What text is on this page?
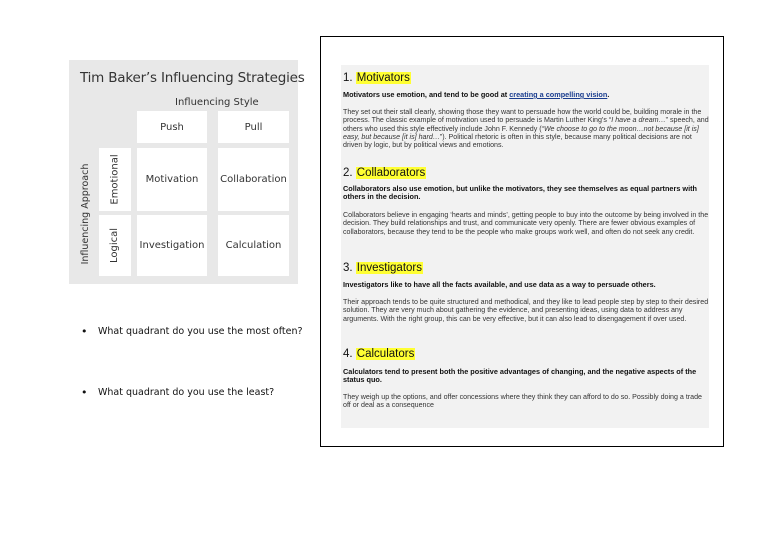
Tim Baker’s Influencing Strategies
Influencing Style
Influencing Approach
Push	Pull
Emotional
Logical
Motivation Collaboration
Investigation Calculation
• What quadrant do you use the most often?
• What quadrant do you use the least?
1. Motivators
Motivators use emotion, and tend to be good at creating a compelling vision.
They set out their stall clearly, showing those they want to persuade how the world could be, building morale in the process. The classic example of motivation used to persuade is Martin Luther King’s “I have a dream…” speech, and others who used this style effectively include John F. Kennedy (“We choose to go to the moon…not because [it is] easy, but because [it is] hard…”). Political rhetoric is often in this style, because many political decisions are not driven by logic, but by political views and emotions.
2. Collaborators
Collaborators also use emotion, but unlike the motivators, they see themselves as equal partners with others in the decision.
Collaborators believe in engaging ‘hearts and minds’, getting people to buy into the outcome by being involved in the decision. They build relationships and trust, and communicate very openly. There are fewer obvious examples of collaborators, because they tend to be the people who make groups work well, and often do not seek any credit.
3. Investigators
Investigators like to have all the facts available, and use data as a way to persuade others.
Their approach tends to be quite structured and methodical, and they like to lead people step by step to their desired solution. They are very much about gathering the evidence, and presenting ideas, using data to address any arguments. With the right group, this can be very effective, but it can also lead to disengagement if over used.
4. Calculators
Calculators tend to present both the positive advantages of changing, and the negative aspects of the status quo.
They weigh up the options, and offer concessions where they think they can afford to do so. Possibly doing a trade off or deal as a consequence
